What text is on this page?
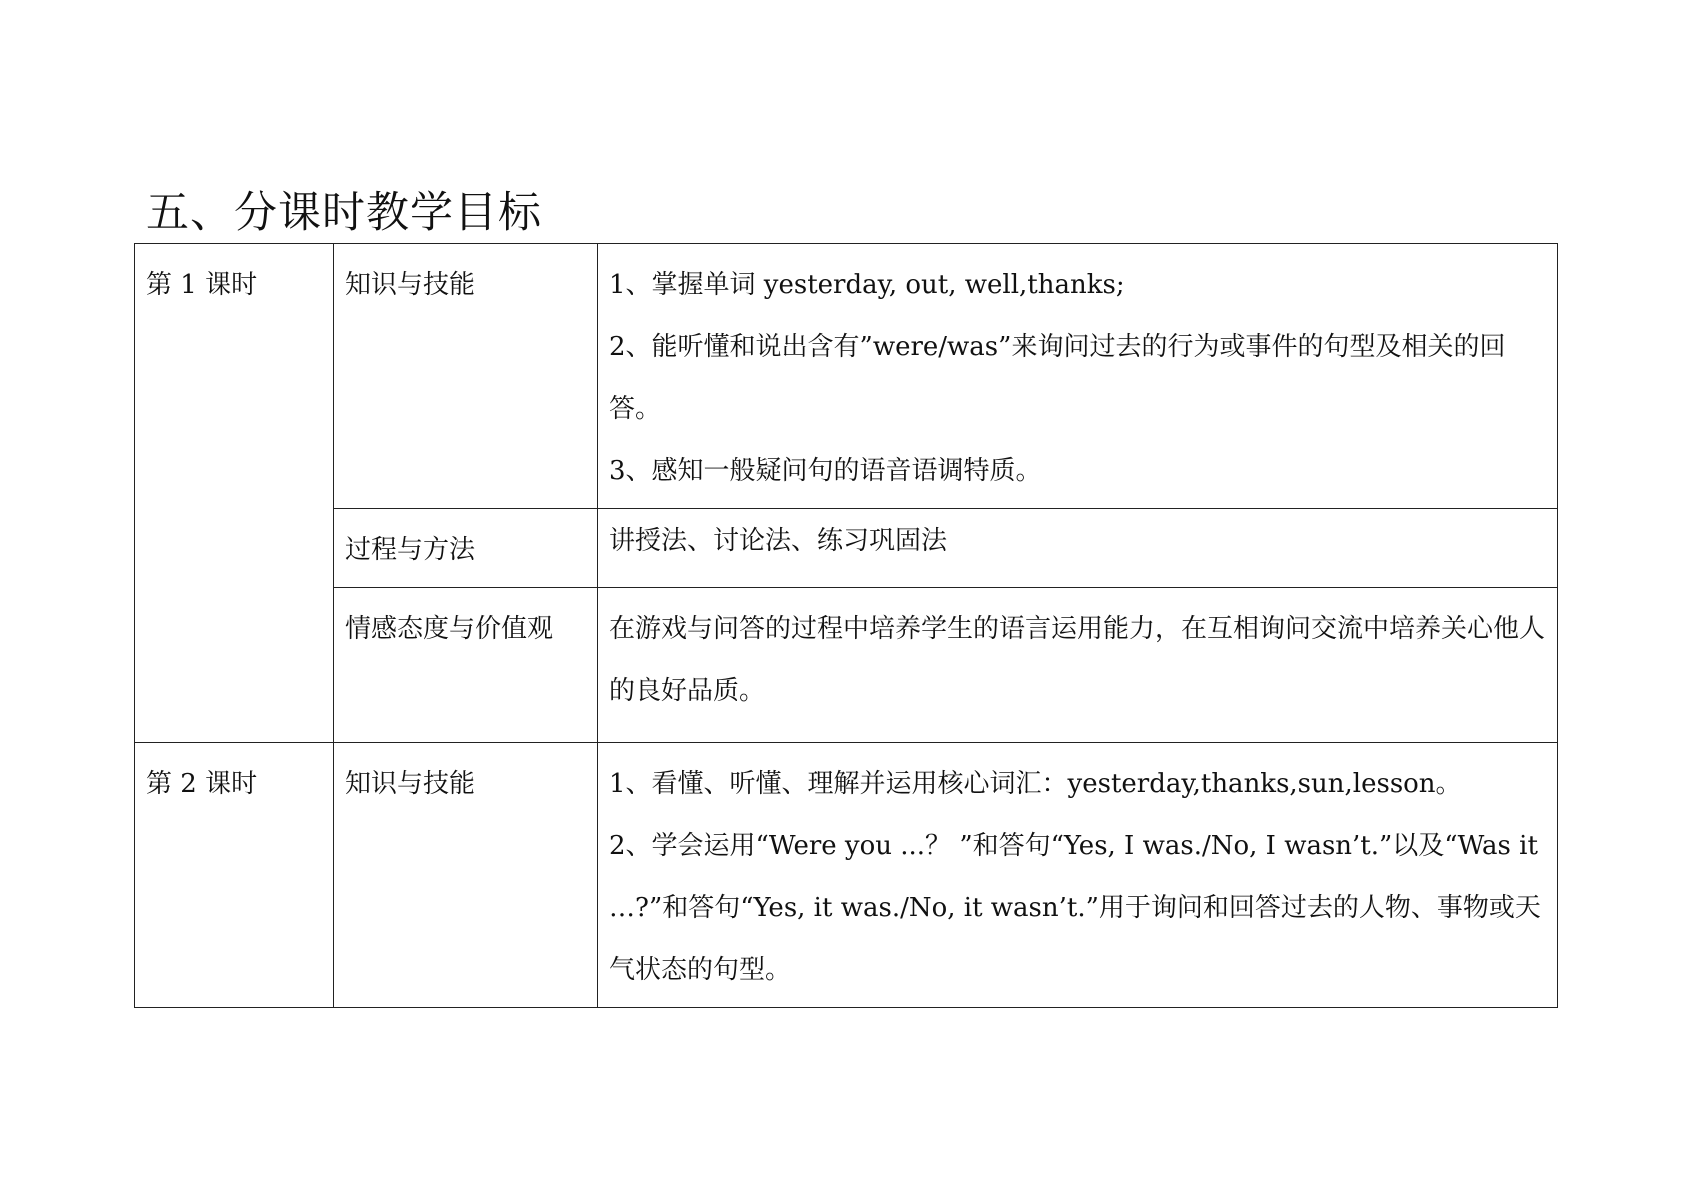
五、分课时教学目标
第 1 课时	知识与技能	1、掌握单词 yesterday, out, well,thanks;
2、能听懂和说出含有”were/was”来询问过去的行为或事件的句型及相关的回答。
3、感知一般疑问句的语音语调特质。

	过程与方法	讲授法、讨论法、练习巩固法

	情感态度与价值观	在游戏与问答的过程中培养学生的语言运用能力，在互相询问交流中培养关心他人的良好品质。

第 2 课时	知识与技能	1、看懂、听懂、理解并运用核心词汇：yesterday,thanks,sun,lesson。
2、学会运用“Were you ...？ ”和答句“Yes, I was./No, I wasn’t.”以及“Was it …?”和答句“Yes, it was./No, it wasn’t.”用于询问和回答过去的人物、事物或天气状态的句型。
